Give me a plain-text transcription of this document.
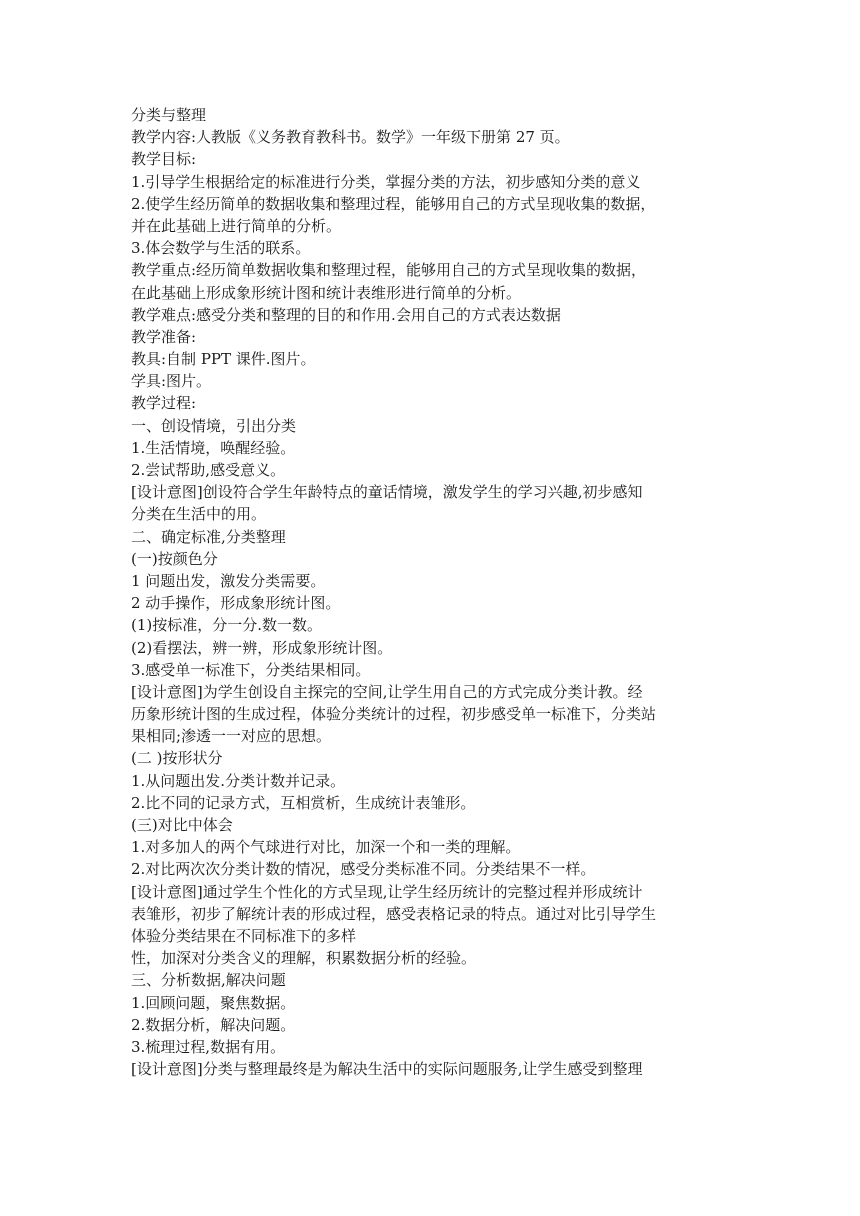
分类与整理
教学内容:人教版《义务教育教科书。数学》一年级下册第 27 页。
教学目标:
1.引导学生根据给定的标准进行分类，掌握分类的方法，初步感知分类的意义
2.使学生经历简单的数据收集和整理过程，能够用自己的方式呈现收集的数据，
并在此基础上进行简单的分析。
3.体会数学与生活的联系。
教学重点:经历简单数据收集和整理过程，能够用自己的方式呈现收集的数据，
在此基础上形成象形统计图和统计表维形进行简单的分析。
教学难点:感受分类和整理的目的和作用.会用自己的方式表达数据
教学准备:
教具:自制 PPT 课件.图片。
学具:图片。
教学过程:
一、创设情境，引出分类
1.生活情境，唤醒经验。
2.尝试帮助,感受意义。
[设计意图]创设符合学生年龄特点的童话情境，激发学生的学习兴趣,初步感知
分类在生活中的用。
二、确定标准,分类整理
(一)按颜色分
1 问题出发，激发分类需要。
2 动手操作，形成象形统计图。
(1)按标准，分一分.数一数。
(2)看摆法，辨一辨，形成象形统计图。
3.感受单一标准下，分类结果相同。
[设计意图]为学生创设自主探完的空间,让学生用自己的方式完成分类计教。经
历象形统计图的生成过程，体验分类统计的过程，初步感受单一标准下，分类站
果相同;渗透一一对应的思想。
(二 )按形状分
1.从问题出发.分类计数并记录。
2.比不同的记录方式，互相赏析，生成统计表雏形。
(三)对比中体会
1.对多加人的两个气球进行对比，加深一个和一类的理解。
2.对比两次次分类计数的情况，感受分类标准不同。分类结果不一样。
[设计意图]通过学生个性化的方式呈现,让学生经历统计的完整过程并形成统计
表雏形，初步了解统计表的形成过程，感受表格记录的特点。通过对比引导学生
体验分类结果在不同标准下的多样
性，加深对分类含义的理解，积累数据分析的经验。
三、分析数据,解决问题
1.回顾问题，聚焦数据。
2.数据分析，解决问题。
3.梳理过程,数据有用。
[设计意图]分类与整理最终是为解决生活中的实际问题服务,让学生感受到整理
